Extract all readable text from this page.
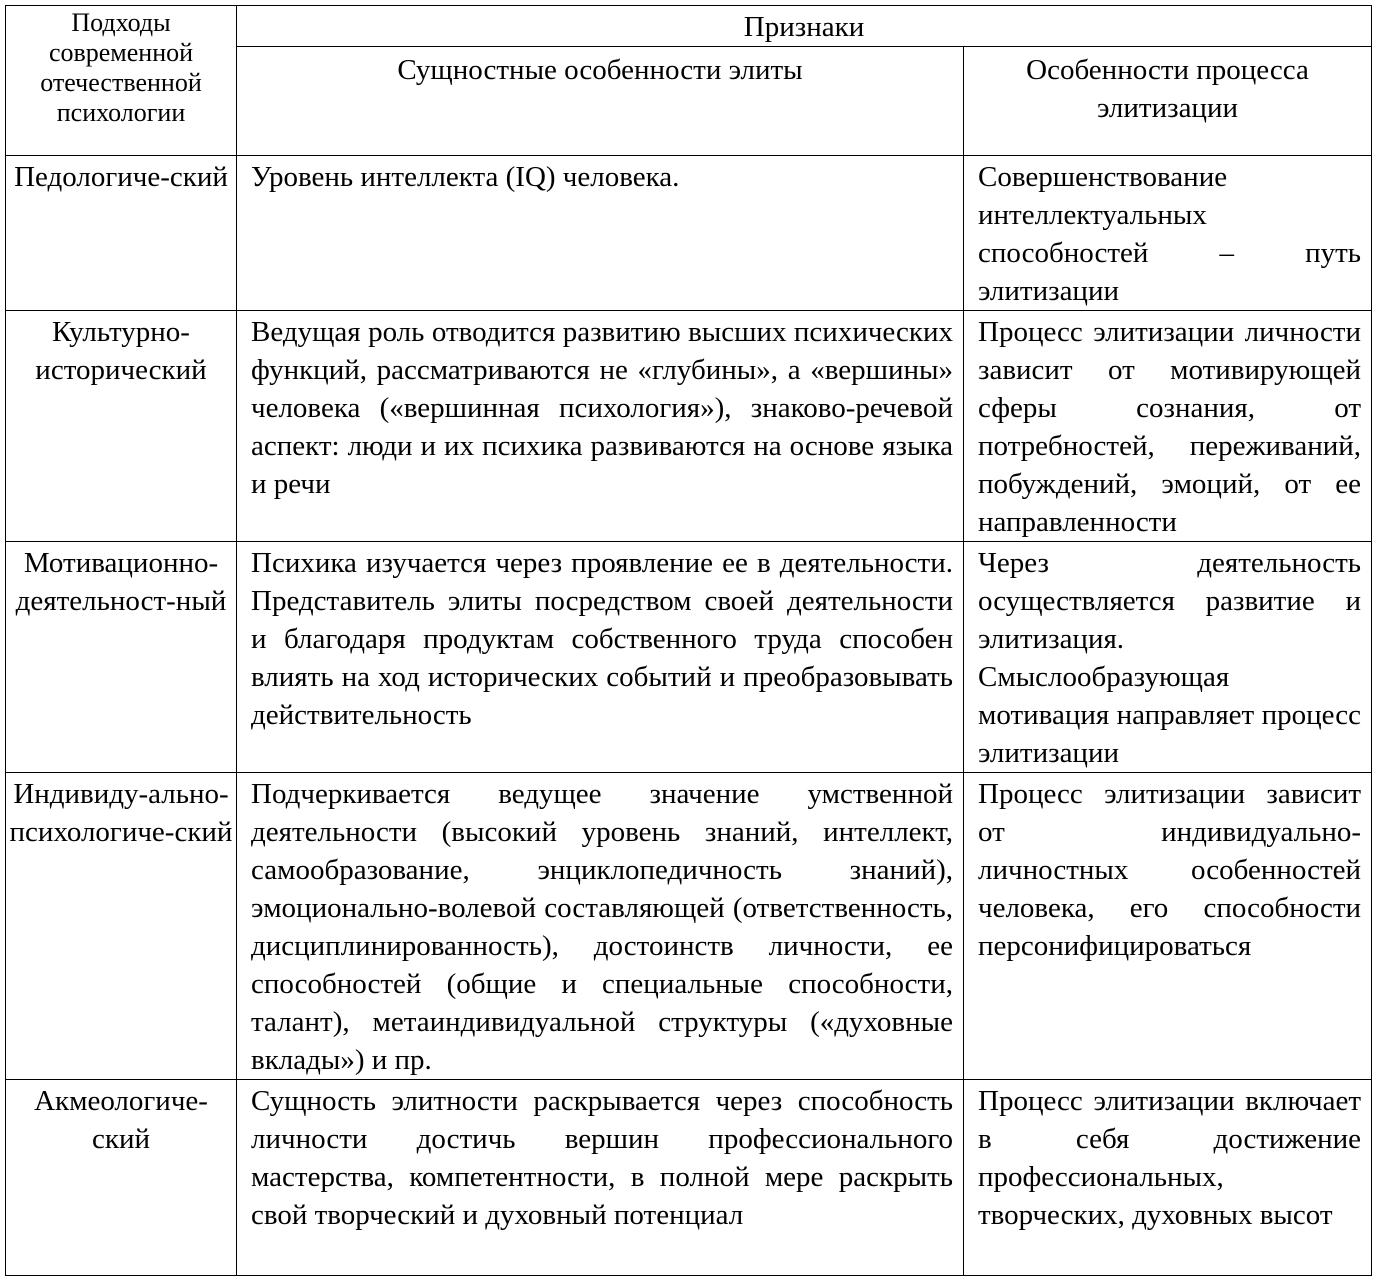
Подходы современной отечественной психологии	Признаки	
	Сущностные особенности элиты	Особенности процесса элитизации
Педологиче-ский	Уровень интеллекта (IQ) человека.	Совершенствование интеллектуальных способностей – путь элитизации
Культурно-исторический	Ведущая роль отводится развитию высших психических функций, рассматриваются не «глубины», а «вершины» человека («вершинная психология»), знаково-речевой аспект: люди и их психика развиваются на основе языка и речи	Процесс элитизации личности зависит от мотивирующей сферы сознания, от потребностей, переживаний, побуждений, эмоций, от ее направленности
Мотивационно-деятельност-ный	Психика изучается через проявление ее в деятельности. Представитель элиты посредством своей деятельности и благодаря продуктам собственного труда способен влиять на ход исторических событий и преобразовывать действительность	Через деятельность осуществляется развитие и элитизация. Смыслообразующая мотивация направляет процесс элитизации
Индивиду-ально-психологиче-ский	Подчеркивается ведущее значение умственной деятельности (высокий уровень знаний, интеллект, самообразование, энциклопедичность знаний), эмоционально-волевой составляющей (ответственность, дисциплинированность), достоинств личности, ее способностей (общие и специальные способности, талант), метаиндивидуальной структуры («духовные вклады») и пр.	Процесс элитизации зависит от индивидуально-личностных особенностей человека, его способности персонифицироваться
Акмеологиче-ский	Сущность элитности раскрывается через способность личности достичь вершин профессионального мастерства, компетентности, в полной мере раскрыть свой творческий и духовный потенциал	Процесс элитизации включает в себя достижение профессиональных, творческих, духовных высот
